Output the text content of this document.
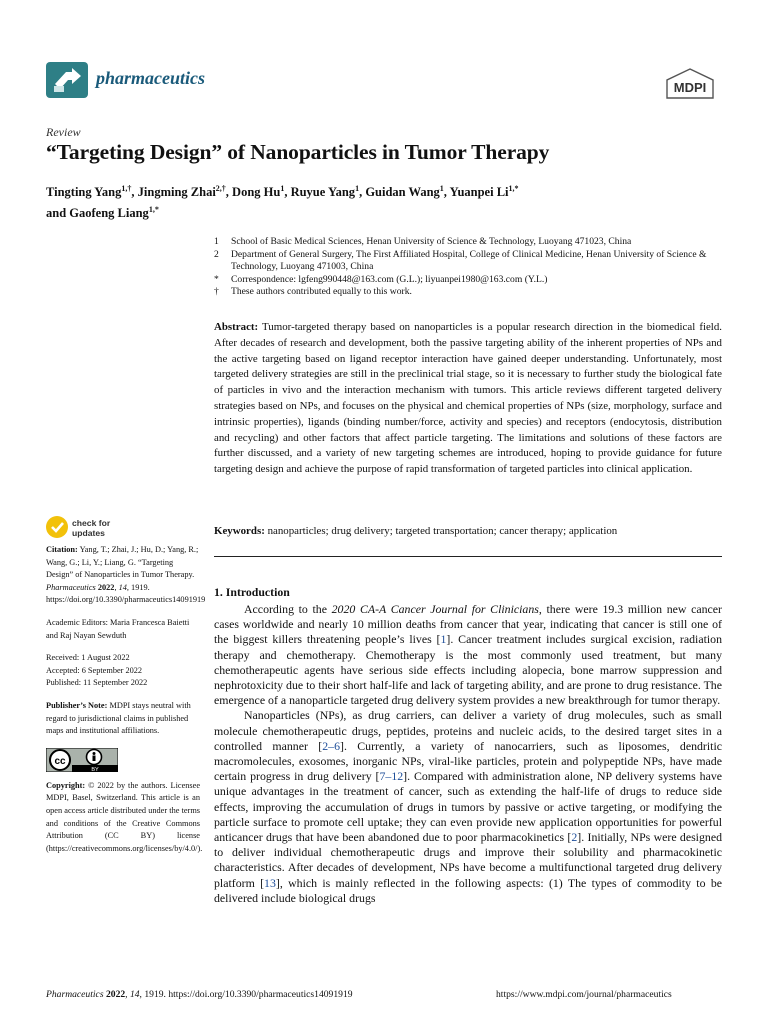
pharmaceutics	MDPI
Review
“Targeting Design” of Nanoparticles in Tumor Therapy
Tingting Yang$^{1,\dagger}$, Jingming Zhai$^{2,\dagger}$, Dong Hu$^1$, Ruyue Yang$^1$, Guidan Wang$^1$, Yuanpei $Li^{1,*}$
and Gaofeng Liang$^{1,*}$
1	School of Basic Medical Sciences, Henan University of Science & Technology, Luoyang 471023, China
2	Department of General Surgery, The First Affiliated Hospital, College of Clinical Medicine, Henan University of Science & Technology, Luoyang 471003, China
*	Correspondence: lgfeng990448@163.com (G.L.); liyuanpei1980@163.com (Y.L.)
†	These authors contributed equally to this work.
Abstract: Tumor-targeted therapy based on nanoparticles is a popular research direction in the biomedical field. After decades of research and development, both the passive targeting ability of the inherent properties of NPs and the active targeting based on ligand receptor interaction have gained deeper understanding. Unfortunately, most targeted delivery strategies are still in the preclinical trial stage, so it is necessary to further study the biological fate of particles in vivo and the interaction mechanism with tumors. This article reviews different targeted delivery strategies based on NPs, and focuses on the physical and chemical properties of NPs (size, morphology, surface and intrinsic properties), ligands (binding number/force, activity and species) and receptors (endocytosis, distribution and recycling) and other factors that affect particle targeting. The limitations and solutions of these factors are further discussed, and a variety of new targeting schemes are introduced, hoping to provide guidance for future targeting design and achieve the purpose of rapid transformation of targeted particles into clinical application.
Keywords: nanoparticles; drug delivery; targeted transportation; cancer therapy; application
check for
updates
Citation: Yang, T.; Zhai, J.; Hu, D.; Yang, R.; Wang, G.; Li, Y.; Liang, G. “Targeting Design” of Nanoparticles in Tumor Therapy. Pharmaceutics 2022, 14, 1919. https://doi.org/10.3390/pharmaceutics14091919
Academic Editors: Maria Francesca Baietti and Raj Nayan Sewduth
Received: 1 August 2022
Accepted: 6 September 2022
Published: 11 September 2022
Publisher’s Note: MDPI stays neutral with regard to jurisdictional claims in published maps and institutional affiliations.
cc
BY
Copyright: © 2022 by the authors. Licensee MDPI, Basel, Switzerland. This article is an open access article distributed under the terms and conditions of the Creative Commons Attribution (CC BY) license (https://creativecommons.org/licenses/by/4.0/).
1. Introduction

According to the 2020 CA-A Cancer Journal for Clinicians, there were 19.3 million new cancer cases worldwide and nearly 10 million deaths from cancer that year, indicating that cancer is still one of the biggest killers threatening people’s lives [1]. Cancer treatment includes surgical excision, radiation therapy and chemotherapy. Chemotherapy is the most commonly used treatment, but many chemotherapeutic agents have serious side effects including alopecia, bone marrow suppression and nephrotoxicity due to their short half-life and lack of targeting ability, and are prone to drug resistance. The emergence of a nanoparticle targeted drug delivery system provides a new breakthrough for tumor therapy.

Nanoparticles (NPs), as drug carriers, can deliver a variety of drug molecules, such as small molecule chemotherapeutic drugs, peptides, proteins and nucleic acids, to the desired target sites in a controlled manner [2–6]. Currently, a variety of nanocarriers, such as liposomes, dendritic macromolecules, exosomes, inorganic NPs, viral-like particles, protein and polypeptide NPs, have made certain progress in drug delivery [7–12]. Compared with administration alone, NP delivery systems have unique advantages in the treatment of cancer, such as extending the half-life of drugs to reduce side effects, improving the accumulation of drugs in tumors by passive or active targeting, or modifying the particle surface to promote cell uptake; they can even provide new application opportunities for powerful anticancer drugs that have been abandoned due to poor pharmacokinetics [2]. Initially, NPs were designed to deliver individual chemotherapeutic drugs and improve their solubility and pharmacokinetic characteristics. After decades of development, NPs have become a multifunctional targeted drug delivery platform [13], which is mainly reflected in the following aspects: (1) The types of commodity to be delivered include biological drugs

Pharmaceutics 2022, 14, 1919. https://doi.org/10.3390/pharmaceutics14091919	https://www.mdpi.com/journal/pharmaceutics
